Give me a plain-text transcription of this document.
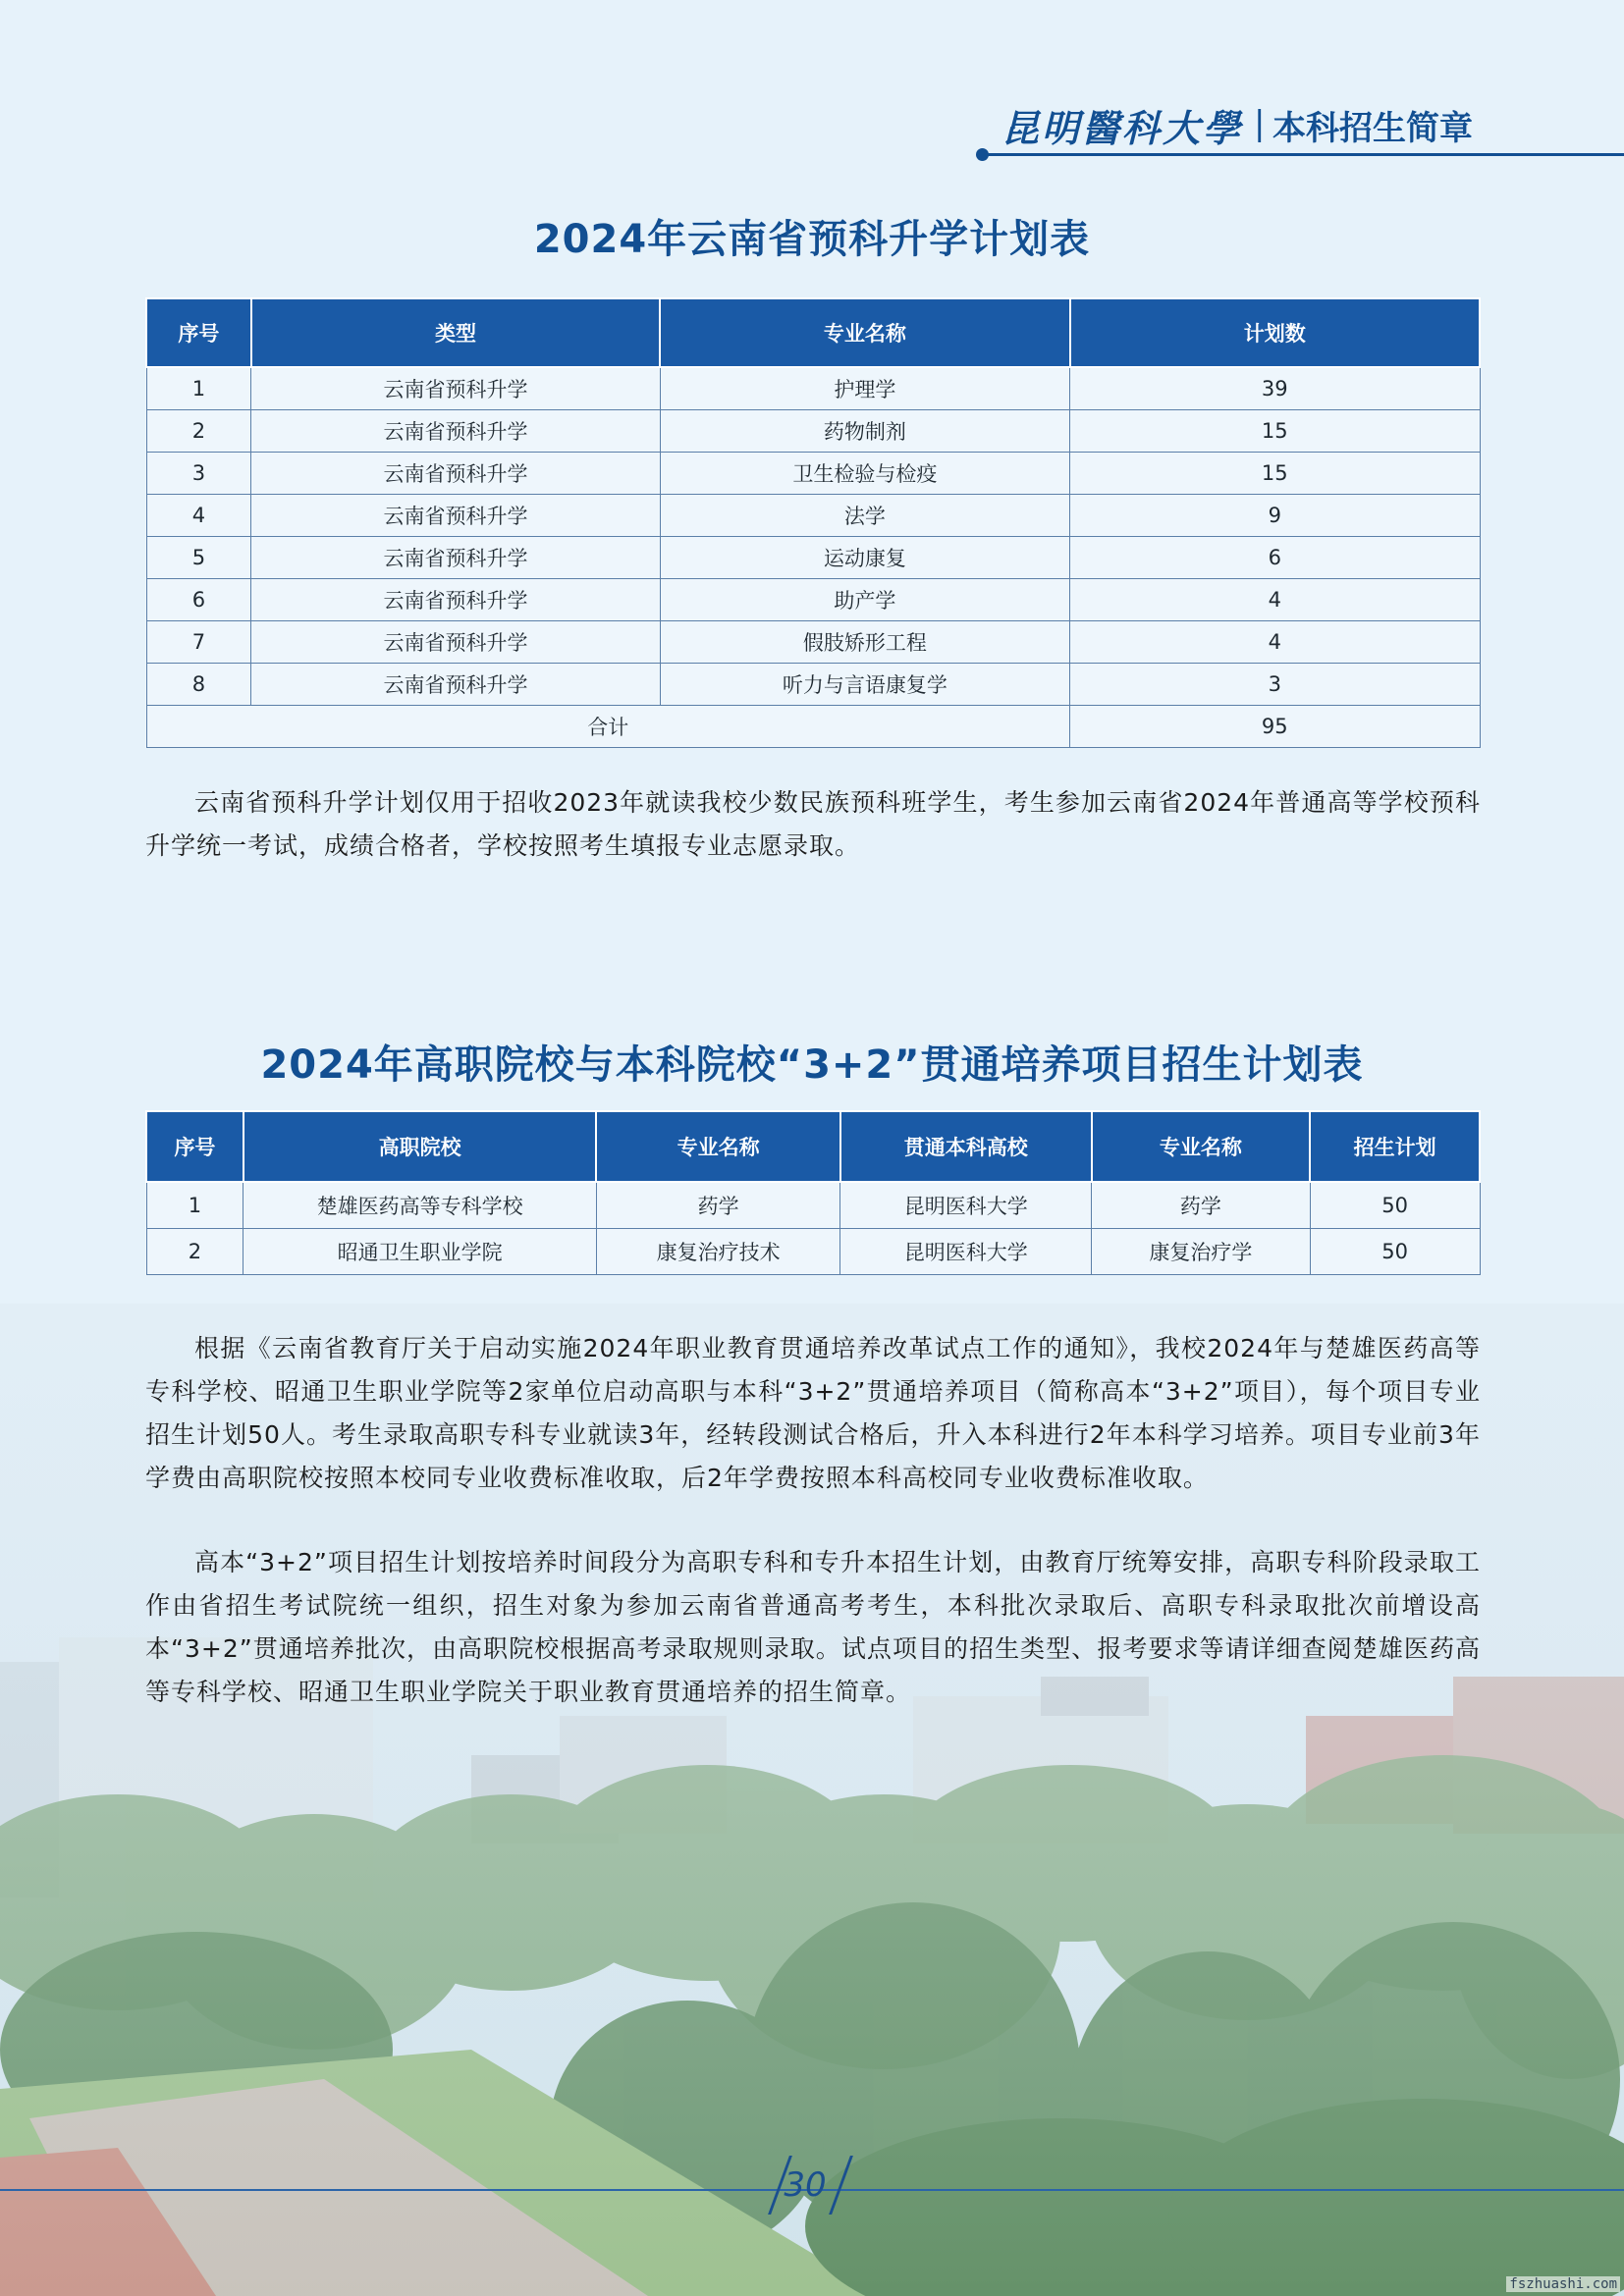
昆明醫科大學 | 本科招生简章
2024年云南省预科升学计划表
序号	类型	专业名称	计划数
1	云南省预科升学	护理学	39
2	云南省预科升学	药物制剂	15
3	云南省预科升学	卫生检验与检疫	15
4	云南省预科升学	法学	9
5	云南省预科升学	运动康复	6
6	云南省预科升学	助产学	4
7	云南省预科升学	假肢矫形工程	4
8	云南省预科升学	听力与言语康复学	3
合计			95

云南省预科升学计划仅用于招收2023年就读我校少数民族预科班学生，考生参加云南省2024年普通高等学校预科升学统一考试，成绩合格者，学校按照考生填报专业志愿录取。

2024年高职院校与本科院校“3+2”贯通培养项目招生计划表
序号	高职院校	专业名称	贯通本科高校	专业名称	招生计划
1	楚雄医药高等专科学校	药学	昆明医科大学	药学	50
2	昭通卫生职业学院	康复治疗技术	昆明医科大学	康复治疗学	50

根据《云南省教育厅关于启动实施2024年职业教育贯通培养改革试点工作的通知》，我校2024年与楚雄医药高等专科学校、昭通卫生职业学院等2家单位启动高职与本科“3+2”贯通培养项目（简称高本“3+2”项目），每个项目专业招生计划50人。考生录取高职专科专业就读3年，经转段测试合格后，升入本科进行2年本科学习培养。项目专业前3年学费由高职院校按照本校同专业收费标准收取，后2年学费按照本科高校同专业收费标准收取。

高本“3+2”项目招生计划按培养时间段分为高职专科和专升本招生计划，由教育厅统筹安排，高职专科阶段录取工作由省招生考试院统一组织，招生对象为参加云南省普通高考考生，本科批次录取后、高职专科录取批次前增设高本“3+2”贯通培养批次，由高职院校根据高考录取规则录取。试点项目的招生类型、报考要求等请详细查阅楚雄医药高等专科学校、昭通卫生职业学院关于职业教育贯通培养的招生简章。

30
fszhuashi.com
